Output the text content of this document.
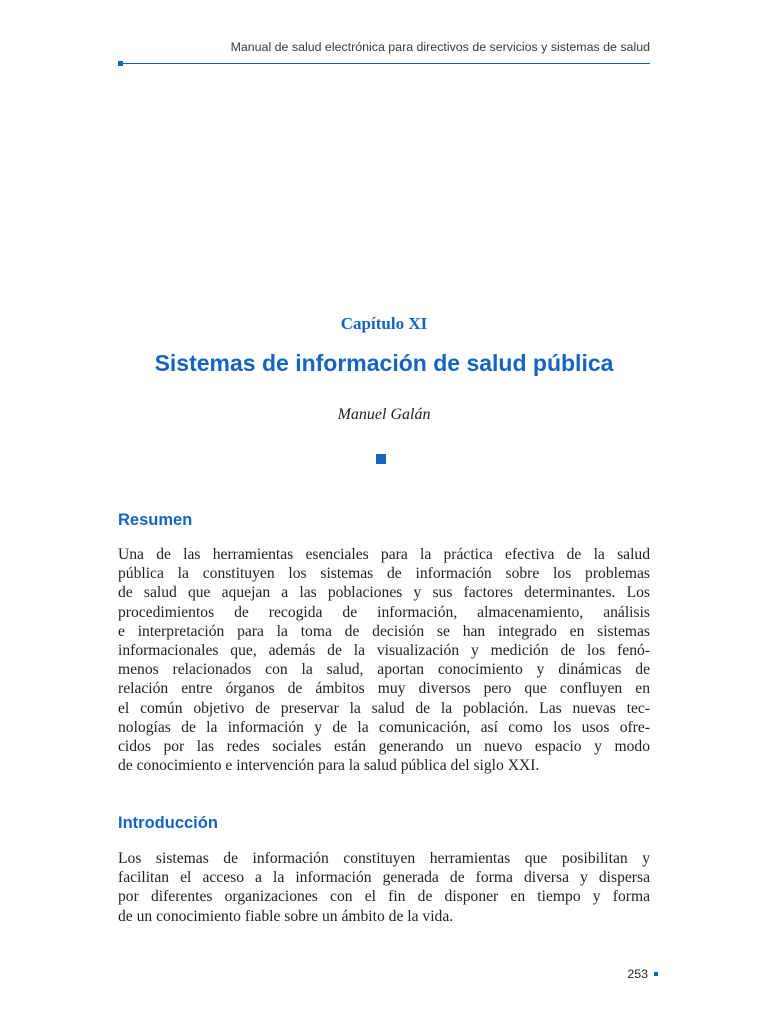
Manual de salud electrónica para directivos de servicios y sistemas de salud
Capítulo XI
Sistemas de información de salud pública
Manuel Galán
Resumen
Una de las herramientas esenciales para la práctica efectiva de la salud
pública la constituyen los sistemas de información sobre los problemas
de salud que aquejan a las poblaciones y sus factores determinantes. Los
procedimientos de recogida de información, almacenamiento, análisis
e interpretación para la toma de decisión se han integrado en sistemas
informacionales que, además de la visualización y medición de los fenó-
menos relacionados con la salud, aportan conocimiento y dinámicas de
relación entre órganos de ámbitos muy diversos pero que confluyen en
el común objetivo de preservar la salud de la población. Las nuevas tec-
nologías de la información y de la comunicación, así como los usos ofre-
cidos por las redes sociales están generando un nuevo espacio y modo
de conocimiento e intervención para la salud pública del siglo XXI.
Introducción
Los sistemas de información constituyen herramientas que posibilitan y
facilitan el acceso a la información generada de forma diversa y dispersa
por diferentes organizaciones con el fin de disponer en tiempo y forma
de un conocimiento fiable sobre un ámbito de la vida.
253
